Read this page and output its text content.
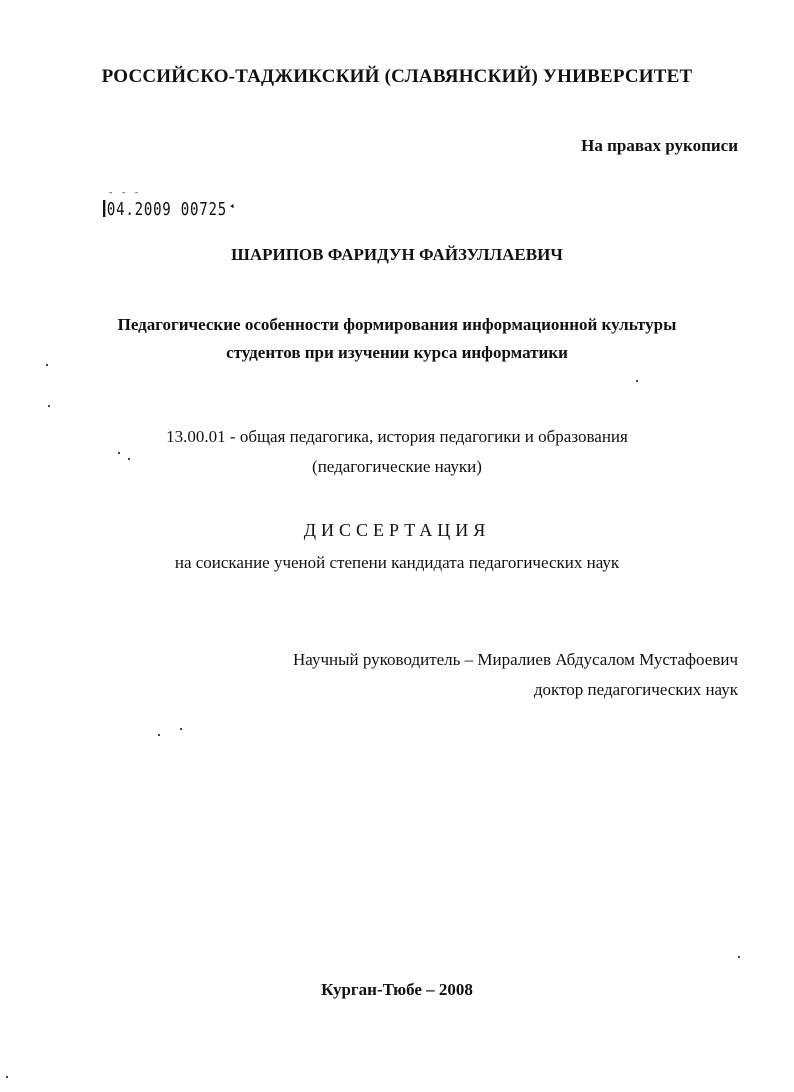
РОССИЙСКО-ТАДЖИКСКИЙ (СЛАВЯНСКИЙ) УНИВЕРСИТЕТ
На правах рукописи
- - -
04.2009 00725 ◂
ШАРИПОВ ФАРИДУН ФАЙЗУЛЛАЕВИЧ
Педагогические особенности формирования информационной культуры
студентов при изучении курса информатики
13.00.01 - общая педагогика, история педагогики и образования
(педагогические науки)
ДИССЕРТАЦИЯ
на соискание ученой степени кандидата педагогических наук
Научный руководитель – Миралиев Абдусалом Мустафоевич
доктор педагогических наук
Курган-Тюбе – 2008
